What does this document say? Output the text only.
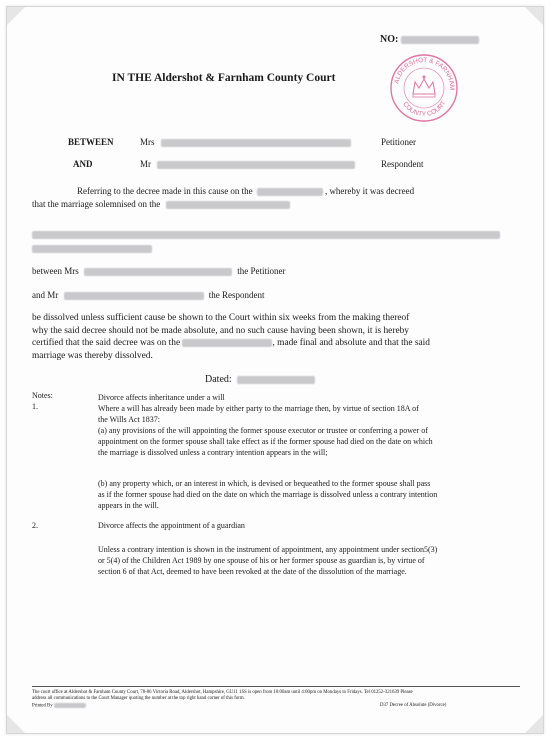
NO:
IN THE Aldershot & Farnham County Court	ALDERSHOT & FARNHAM
COUNTY COURT
BETWEEN	Mrs	Petitioner
AND	Mr	Respondent
Referring to the decree made in this cause on the	, whereby it was decreed
that the marriage solemnised on the
between Mrs	the Petitioner
and Mr	the Respondent
be dissolved unless sufficient cause be shown to the Court within six weeks from the making thereof
why the said decree should not be made absolute, and no such cause having been shown, it is hereby
certified that the said decree was on the	, made final and absolute and that the said
marriage was thereby dissolved.
Dated:
Notes:
1.
Divorce affects inheritance under a will
Where a will has already been made by either party to the marriage then, by virtue of section 18A of
the Wills Act 1837:
(a) any provisions of the will appointing the former spouse executor or trustee or conferring a power of
appointment on the former spouse shall take effect as if the former spouse had died on the date on which
the marriage is dissolved unless a contrary intention appears in the will;
(b) any property which, or an interest in which, is devised or bequeathed to the former spouse shall pass
as if the former spouse had died on the date on which the marriage is dissolved unless a contrary intention
appears in the will.
2.	Divorce affects the appointment of a guardian
Unless a contrary intention is shown in the instrument of appointment, any appointment under section5(3)
or 5(4) of the Children Act 1989 by one spouse of his or her former spouse as guardian is, by virtue of
section 6 of that Act, deemed to have been revoked at the date of the dissolution of the marriage.
The court office at Aldershot & Farnham County Court, 78-86 Victoria Road, Aldershot, Hampshire, GU11 1SS is open from 10:00am until 4:00pm on Mondays to Fridays. Tel 01252-321639 Please
address all communications to the Court Manager quoting the number at the top right hand corner of this form.
Printed By	D37 Decree of Absolute (Divorce)
